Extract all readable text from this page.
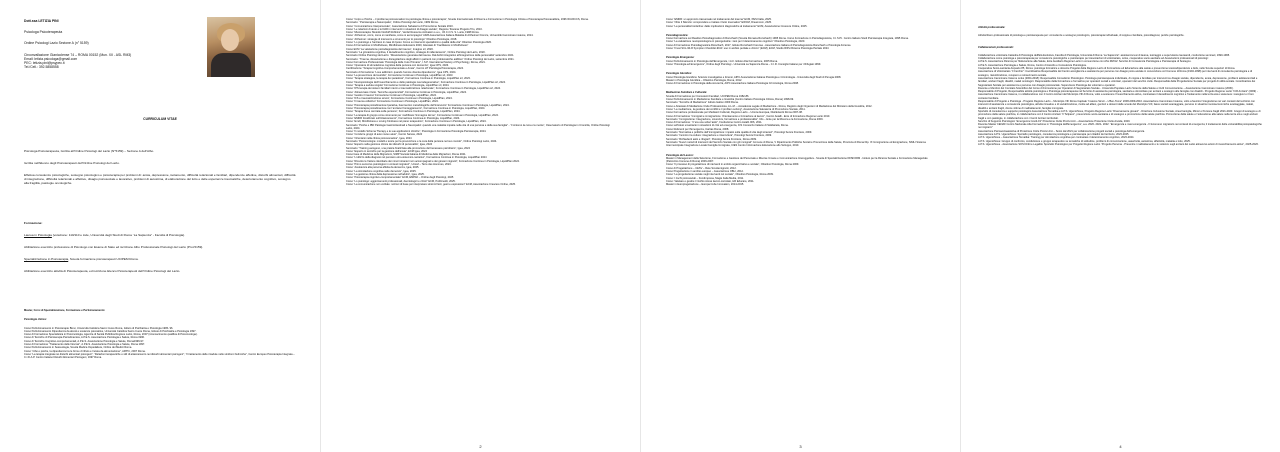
Dott.ssa LETIZIA PINI

Psicologa Psicoterapeuta

Ordine Psicologi Lazio Sezione A (n° 5159)

Circonvallazione Gianicolense 74 – ROMA 00152 (Mun. XII - ASL RM3)

Email: letizia.psicologa@gmail.com

PEC: letizia.pini@psypec.it

Tel./Cell.: 392.5858558

CURRICULUM VITAE

Psicologa Psicoterapeuta, Iscritta all’Ordine Psicologi del Lazio (N°5159) – Sezione A dell’Albo.

Iscritta nell’Elenco degli Psicoterapeuti dell’Ordine Psicologi del Lazio.

Effettua consulenze psicologiche, sostegno psicologico e psicoterapia per problemi di: ansia, depressione, isolamento, difficoltà relazionali e familiari, dipendenze affettive, disturbi alimentari, difficoltà di integrazione, difficoltà relazionali e affettive, disagio psicosociale e lavorativo, problemi di autostima, di elaborazione del lutto e delle esperienze traumatiche, deterioramento cognitivo, sostegno alla fragilità, patologie oncologiche.

Formazione:

Laurea in Psicologia (votazione: 110/110 e lode, Università degli Studi di Roma “La Sapienza” - Facoltà di Psicologia).

Abilitazione esercizio professione di Psicologo con Esame di Stato ed iscrizione Albo Professionale Psicologi del Lazio (Prot.5159).

Specializzazione in Psicoterapia, Scuola formazione psicoterapeuti UCIPEM Roma.

Abilitazione esercizio attività di Psicoterapeuta, ed iscrizione Elenco Psicoterapeuti dell’Ordine Psicologi del Lazio.

Master, Corsi di Specializzazione, Formazione e Perfezionamento:

Psicologia clinica:

Corso Perfezionamento in Psicoterapie Brevi, Università Cattolica Sacro Cuore Roma, Istituto di Psichiatria e Psicologia 1995- 96.

Corso Perfezionamento Dipendenza da alcool e sostanze psicoattive, Università Cattolica Sacro Cuore Roma, Istituto di Psichiatria e Psicologia 1997.

Corso di Formazione Specialistica in Psiconcologia, Agenzia di Sanità Pubblica Regione Lazio, Roma, 2007 (riconoscimento qualifica di Psiconcologa).

Corso di Tecniche di Psicoterapia Psicodinamica, A.P.E.S. Associazione Psicologia e Salute, Roma 1996.

Corso di Tecniche Cognitivo-comportamentali, A.P.E.S. Associazione Psicologia e Salute, Roma1996-97.

Corso di Formazione “Trattamento delle Nevrosi”, A.P.E.S. Associazione Psicologia e Salute, Roma 1997.

Corso Perfezionamento in Sessuologia, Scuola Medica Ospedaliera, Ordine dei Medici Roma.

Corso “Cibo e psiche, la dipendenza tra le forme di rifiuto e l’ansia da alimentazione”, AIPPC, 2007 Roma.

Corso “La terapia integrata nei disturbi alimentari psicogeni”; “Relazioni terapeutiche e stili di attaccamento nei disturbi alimentari psicogeni”; “Il trattamento delle ricadute nelle sindromi bulimiche”, Centro Europeo Psicoterapia Integrata – C.I.D.A.P. Centro Italiano Disturbi Alimentari Psicogeni, 1997 Roma.

Corso “Corpo e Psiche – il problema psicosomatico tra psicologia clinica e psicoterapia”, Scuola Internazionale di Ricerca e Formazione in Psicologia Clinica e Psicoterapia Psicoanalitica, 1996 IDI-IRCCS, Roma.

Seminario: “Psicoterapia e Naturopatia”, Ordine Psicologi del Lazio, 1999 Roma.

Corso “Comunicazione Interpersonale”, Associazione Salvaterra di Promozione Sociale 2010.

Corso “Le relazioni di aiuto e le DAD in interventi in situazioni di disagio sociale”, Regione Toscana Progetto Trio, 2010.

Corso “Musicoterapia: Metodo Nordoff Robbins”, Verdel Resource Activation s.a.s., I.R.C.O.S. S. Lucia, 1998 Roma.

Corso “Alzheimer, cos’è, come si manifesta, come si accompagna” AIMA Associazione Italiana Malattia di Alzheimer Firenze, UniversItE Camminare insieme, 2014.

Corso “Alzheimer: strategie di intervento e strumenti per lo psicologo” Obiettivo Psicologia, 2018.

Corso “Lo psicologo e l’anziano in casa di riposo: Focus su interventi specialistici e qualità della vita” Obiettivo Psicologia 2020.

Corso di Formazione in Mindfulness, Mindfulness Educators 2020, Attestato di “Facilitatore in Mindfulness”

Corso ECM “La valutazione psicodiagnostica del trauma”, Imagine srl, 2020.

Seminario “La ginnastica cognitiva, il decadimento cognitivo, strategie di rallentamento”, Ordine Psicologi del Lazio, 2020.

Seminario Ordine Psicologi del Lazio: “Dissociazione generata dal trauma. Dal deficit integrativo all’integrazione della personalità” settembre 2021.

Seminario: “Trauma, dissociazione e disregolazione degli affetti in pazienti con problematiche additive” Ordine Psicologi del Lazio, settembre 2021.

Corso Formazione Professionale “Psicologia delle Cure Primarie”, I.S.P. International Society of Psychology, Roma, 2021.

Corso “Operatore di stimolazione cognitiva della persona con demenza”, Igea CPS, 2023.

Certificazione “Terapia Cognitivo-Comportamentale e Ansia”, Centro HT Psicologia Psicoterapia, 2024.

Seminario di formazione “Love addiction: quando l’amore diventa dipendenza”, Igea CPS, 2024.

Corso “La prevenzione del suicidio”, Formazione Continua in Psicologia, LiquidPlan srl, 2023.

Corso “Terapia strategica, la terapia dei paradossi”, Formazione Continua in Psicologia, LiquidPlan srl, 2023.

Corso “Neuropsicologia dell’invecchiamento e delle patologie neurodegenerative”, Formazione Continua in Psicologia, LiquidPlan srl, 2024.

Corso “Terapia a seduta singola” Formazione Continua in Psicologia, LiquidPlan srl, 2024.

Corso “IPS terapia dei sistemi familiari interni e traumatizzazione relazionale”, Formazione Continua in Psicologia, LiquidPlan srl, 2024.

Corso “Attraversare il lutto. Tecniche esperienziali”, Formazione Continua in Psicologia, LiquidPlan, 2024.

Corso “Gestire il trauma” Formazione Continua in Psicologia, LiquidPlan, 2024.

Corso “IFS e traumatizzazione sicura”, Formazione Continua in Psicologia, LiquidPlan, 2024.

Corso “Il trauma collettivo” Formazione Continua in Psicologia, LiquidPlan, 2024.

Corso “Psicoterapia psicodinamica riparativa, basi teorico metodologiche dell’intervento” Formazione Continua in Psicologia, LiquidPlan, 2024.

Corso “Psicoterapia psicodinamica con l’anziano fronteggiamento”, Formazione Continua in Psicologia, LiquidPlan, 2024.

Corso “Terapia breve centrata sulla persona”, Formazione Continua in Psicologia, LiquidPlan, 2024.

Corso “La terapia di gruppo come strumento per modificare l’immagine del se”, Formazione Continua in Psicologia, LiquidPlan, 2024.

Corso “EMDR focalizzato sull’Attaccamento”, Formazione Continua in Psicologia, LiquidPlan, 2024.

Corso “Emdr, Mindfulness e Loving Kindness nel piano terapeutico”, Formazione Continua in Psicologia, LiquidPlan, 2024.

Seminario “Psiche e IBD Patologie Gastrointestinali e Neuropatici: quando una malattia impatta nella vita di una persona e della sua famiglia” - “Il sintomo la cura e la mente”, Osservatorio di Psicologia in Cronicità, Ordine Psicologi Lazio, 2024.

Corso “Il modello Schema Therapy e le sue applicazioni cliniche”, Psicologia in Formazione Psicologia Psicoterapia, 2024.

Corso “Condurre gruppi di auto mutuo aiuto”, Centro Sarvas, 2024

Corso “Orientarsi nella clinica psicosomatica”, Igea, 2024

Seminario “Psiconcologia: modelli e teorie per la prevenzione e la cura della persona nel suo mondo”, Ordine Psicologi Lazio, 2024.

Corso “Esperto nella gestione clinica dei disturbi di personalità”, Igea, 2024

Seminario “Training autogeno, una pratica finalizzata alla promozione del benessere psicofisico”, Igea, 2024

Corso “Esperto in tecniche per la gestione dell’ansia”, ECM Igea, 2024

Corso base di Medicina delle Migrazioni, SIMP Società Italiana di Medicina delle Migrazioni, Roma 2021.

Corso “L’utilizzo della diagnosi nel pensiero etno-sistemico-narrativo”, Formazione Continua in Psicologia, LiquidPlan 2024

Corso “Ricucire le fratture identitarie dei minori stranieri non accompagnati e dei giovani migranti”, Formazione Continua in Psicologia, LiquidPlan 2024.

Corso “Primo soccorso psicologico in contesti migratori”, Unicef – Terre des Hommes, 2024.

Corso “Assistenza alla persona affetta da demenza, Igea, 2025.

Corso “La stimolazione cognitiva nelle demenze”, Igea, 2025.

Corso “La gestione clinica della depressione nell’adulto”, Igea, 2025.

Corso “Psicoterapia cognitivo-comportamentale” ECM, EMPAF – Ordine degli Psicologi, 2025

Corso “Lo psicologo: aggiornamenti professionali, deontologici e clinici” ECM, Publimedit, 2025.

Corso “La comunicazione non verbale: nozioni di base per interpretare sintomi fisici, gesti e espressioni” ECM, Associazione Crescere Online, 2025.

2

Corso “EMDR: un approccio trasversale nel trattamento del trauma” ECM, PESI Italia, 2025.

Corso “Oltre il Silenzio: comprendere e trattare il lutto traumatico” EWCM, Dreamcom, 2025.

Corso “La personalità borderline: dalle implicazioni diagnostiche al trattamento” ECM, Associazione Crescere Online, 2025.

Psicodiagnostica:

Corso Formazione sul Reattivo Psicodiagnostico di Rorschach (Scuola Romana Rorschach) 1995 Roma. Corso Formazione in Psicodiagnostica, C.I.S.P.I. Centro Italiano Studi Psicoterapia Integrata, 1995 Roma.

Corso “La valutazione neuropsicologica in psicogeriatria: i test per il deterioramento cognitivo” Obiettivo Psicologia, 2020.

Corso di Formazione Psicodiagnostica Rorschach, 2017, Istituto Rorschach Forense - Associazione Italiana di Psicodiagnostica Rorschach e Psicologia Forense.

Corso “Il test SCL-90-R Symptom Checklist-90-R: uso in ambito peritale e clinico” (ECM), ECM, Studio RIPsi Ricerca Psicologia Peritale 2024

Psicologia Emergenze:

Corso Perfezionamento in Psicologia dell’Emergenza, I.A.F. Istituto Alta Formazione, 2005 Roma.

Corso “Psicologia ed Emergenza”, Ordine degli Psicologi - Università La Sapienza Roma – C.I.R. Consiglio Italiano per i Rifugiati 1999.

Psicologia Giuridica:

Corso Psicologia Giuridica: Scienze investigative e forensi, AIPC Associazione Italiana Psicologia e Criminologia - Università degli Studi di Perugia 2008.

Master in Psicologia Giuridica – Obiettivo Psicologia, Roma, 2012.

Corso di Formazione in Psicologia della sicurezza, AIPC Associazione Italiana Psicologia Criminologia, Roma 2008.

Mediazione Familiare e Culturale:

Scuola di Formazione per Consulenti Familiari, UCIPEM Roma 1982-86.

Corso Perfezionamento in Mediazione Familiare e Giustizia (Centro Italiano Psicologia Clinica, Roma) 1998-99.

Seminario “Tecniche di Mediazione” Istituto Galton 2009 Roma.

Corso e Attestato di Mediazione Civile Professionista, A.L.M. – Accademia Legale di Mediazione - Roma, Registro degli Organismi di Mediazione del Ministero della Giustizia, 2012.

Corso “La mediazione, la gestione dei conflitti e il problem solving”, Associazione Salvaterra di Promozione Sociale, 2011.

Corso Formazione professionale per Mediatori Culturali, Regione Lazio – Unione Europea, DiaNetwork Roma 2007-08.

Corso di Formazione “Immigrati e immigrazione: Orientamento e formazione al lavoro”, Centro Astalli - Ente di formazione Regione Lazio 2010.

Seminario “Immigrazione: Integrazione, sicurezza, formazione e professionalità”, Info – Ente per la Ricerca e la Formazione, Roma 2009.

Corso di Formazione: “C’era una volta l’asilo”, Fondazione Centro Astalli JRS, 2011.

Corso sull’Aiuto umanitario in situazioni di crisi ed emergenza, ICS Consorzio Italiano di Solidarietà, Roma.

Corso Referenti per l’Emergenza, Caritas Roma, 2008.

Seminario “Normativa e politiche dell’immigrazione: impatto sulla qualità di vita degli stranieri”, Psicologi Senza Frontiere, 2009.

Seminario “Incontro tra culture: integrazione e intercultura”, Psicologi Senza Frontiere, 2009.

Seminario “Richiedenti asilo e rifugiati”, Psicologi Senza Frontiere, Roma 2009.

Seminario “Nuovi metodi di interventi del Servizio Sociale con gli immigrati” Comune di Roma, V Dipartimento Politiche Sociali e Promozione della Salute, Provincia di Roma Dip. IX Immigrazione ed Emigrazione, SIMLI Sistema Intermunicipale Integrazione Locale Famiglia Immigrata, CIES Centro Informazione Educazione allo Sviluppo, 2010.

Psicologia del Lavoro:

Master in Management della Selezione, Formazione e Gestione del Personale e Risorse Umane e Comunicazione Interoggettiva - Scuola di Specializzazione IRISFORM - Istituto per la Ricerca Sociale e Formazione Manageriale (Patrocinio Comune di Roma) 2006-2007.

Corso “Il processo di progettazione di interventi in ambito organizzativo e sociale”, Obiettivo Psicologia, Roma 2009.

Corso di Progettazione – CESV – Rete Scuolemigranti, 2012.

Corso Progettazione in ambito europeo – Associazione OBLI, 2012.

Corso “La progettazione sociale negli interventi nel sociale”, Obiettivo Psicologia, Roma 2009.

Corso: I rischi psicosociali – Fondimpresa, Magis Italia Media, 2011.

Corso: Valutare e gestire il rischio stress lavoro-correlato, HR Educare, 2011.

Master in Europrogettazione – Europa Cube Innovation, 2014-2015.

3

Attività professionale:

Attività libero-professionale di psicologa e psicoterapeuta per: consulenze e sostegno psicologico, psicoterapia individuale, di coppia e familiare, psicodiagnosi, perizie psicologiche.

Collaborazioni professionali:

Collaborazione volontaria Cattedra di Psicologia dell’Età Evolutiva, Facoltà di Psicologia, Università di Roma “La Sapienza”: assistenza tesi di laurea, tutoraggio e supervisione laureandi, conduzione seminari, 1990-1995.

Collaborazione come psicologa e psicoterapeuta per consulenze psicologiche e psicoterapie per Associazioni di volontariato, onlus, cooperative socio-sanitarie ed Associazioni professionali di psicologi:

A.P.E.S. Associazione Ricerca per l’Educazione alla Salute, Ente Ausiliario Regione Lazio in convenzione con ASL RM/12: Servizio di Consulenza Psicologica e Psicoterapia di Sostegno.

A.P.E.S. Associazione Psicologia e Salute, Roma, Centro di Ascolto e Consulenza Psicologica.

Cooperativa Socio-sanitaria Acquario 85, Roma: psicologa formatrice e docente Progetto della Regione Lazio di Formazione ed Educazione alla salute e prevenzione tossicodipendenze e Aids, nelle Scuole superiori di Roma.

Associazione di Volontariato “Il Cerchio”: Coordinatrice Responsabile del Centro accoglienza e assistenza per persone con disagio psico-sociale in convenzione col Comune di Roma (1994-1998) per interventi di consulenza psicologica e di sostegno, riacutizzazione, recupero e reinserimento sociale.

Associazione Camminare Insieme onlus (2004-2018): Responsabile Consultorio Psicologico. Psicologa psicoterapeuta individuale, di coppia e familiare per interventi su disagio sociale, dipendenze, ansia, depressione, problemi adolescenziali e familiari, anziani fragili, disabili, malati oncologici. Responsabile della formazione e formatrice per operatori sociali e volontari, operatori del servizio civile. Responsabile della Progettazione Sociale per progetti di utilità sociale. Coordinatrice dei Segretariato Sociale per assistenza e persone con disagio psicosociale. Supervisore Psicologa dei volontari e operatori.

Docente e Membro del Comitato Scientifico del Corso di Formazione per Operatori di Segretariato Sociale - Università Popolare Lazio Scienze della Salute e Civili Comunicazione – Associazione Camminare insieme (2006).

Responsabile di Progetto, Responsabile attività psicologica e Psicologa psicoterapeuta nel Servizio di assistenza psicologica, sanitaria e domiciliare per anziani e sostegno alle famiglie con disabili - Progetto Regione Lazio “ICR Anziani” (2009) - Associazione Camminare Insieme, in collaborazione con il Centro Anziani del Municipio VIII di Roma, volto a sostenere l’invecchiamento attivo, contrastare il decadimento cognitivo e l’isolamento nella terza età e sostenere i caregiver e il loro contesto familiare.

Responsabile di Progetto e Psicologa - Progetto Regione Lazio – Municipio VIII Roma Capitale “Insieme Sicuri – L’Ben-Tome” 2008-2009-2010. Associazione Camminare Insieme, volto a favorire l’integrazione nei vari contesti del territorio con interventi di assistenza e consulenza psicologica, attività ricreative e di socializzazione, rivolte ad allievi, genitori e docenti delle scuole del Municipio VIII, fasce sociali svantaggiate, persone in situazioni socioeconomiche svantaggiate, malati, disabili e anziani fragili, donne vittime di maltrattamenti, famiglie immigrate.

Sportello di consulenza e supporto psicologico Associazione Tematika e A.P.S. UgentoNove, Progetto Regione Lazio “Diversamente giovani” - Direzione Inclusione Sociale, Area Famiglia, Minori e Persone fragili 2021-2023. Gruppi di sostegno e di promozione della salute psichica, in collaborazione con il Centro Anziani “Il Tulipano”, prevenzione socio-sanitaria e di sostegno e promozione della salute psichica. Promozione della salute e l’educazione alla salute nella terza età e negli anziani fragili e con patologie, in collaborazione con i Centri Anziani territoriali.

Servizio di Supporto Psicologico “Emergenza Covid-19” Protezione Civile Procivi Arci – Associazione Protezione Civile Arvalia, 2020.

Docente Master CENAF Centro Nazionale Alta Formazione in “Psicologia dell’Emergenza”, a.a. 2020- 2021- 2022: “Emergenza e maxi emergenza - Il fenomeno migratorio nei contesti di emergenza; il trattamento delle vulnerabilità psicopatologiche nei migranti.”

Associazione Psicosocioassistiva di Protezione Civile Procivi Arci – Socio dal 2021 per collaborazione progetti sociali e psicologa dell’emergenza.

Associazione A.P.S. UgentoNove: Sportello psicologico, consulenza psicologica e psicoterapia per cittadini del territorio, 2023-2025.

A.P.S. UgentoNove – Associazione Tematika: Training per stimolazione cognitiva per contrastare il deterioramento cognitivo, 2023-2024.

A.P.S. UgentoNove: Gruppo di confronto, condivisione e gruppo terapeutico su tematiche di solitudine, problemi di comunicazione, assertività, autostima, affettività, malattia e lutto, 2025.

A.P.S. UgentoNove - Associazione SOS Diritti e Legalità: Sportello Psicologico per Progetto Regione Lazio “Progetto Persona - Prevenire i maltrattamenti e le violenze sugli anziani del Lazio attraverso azioni di invecchiamento attivo”, 2025-2026.

4
